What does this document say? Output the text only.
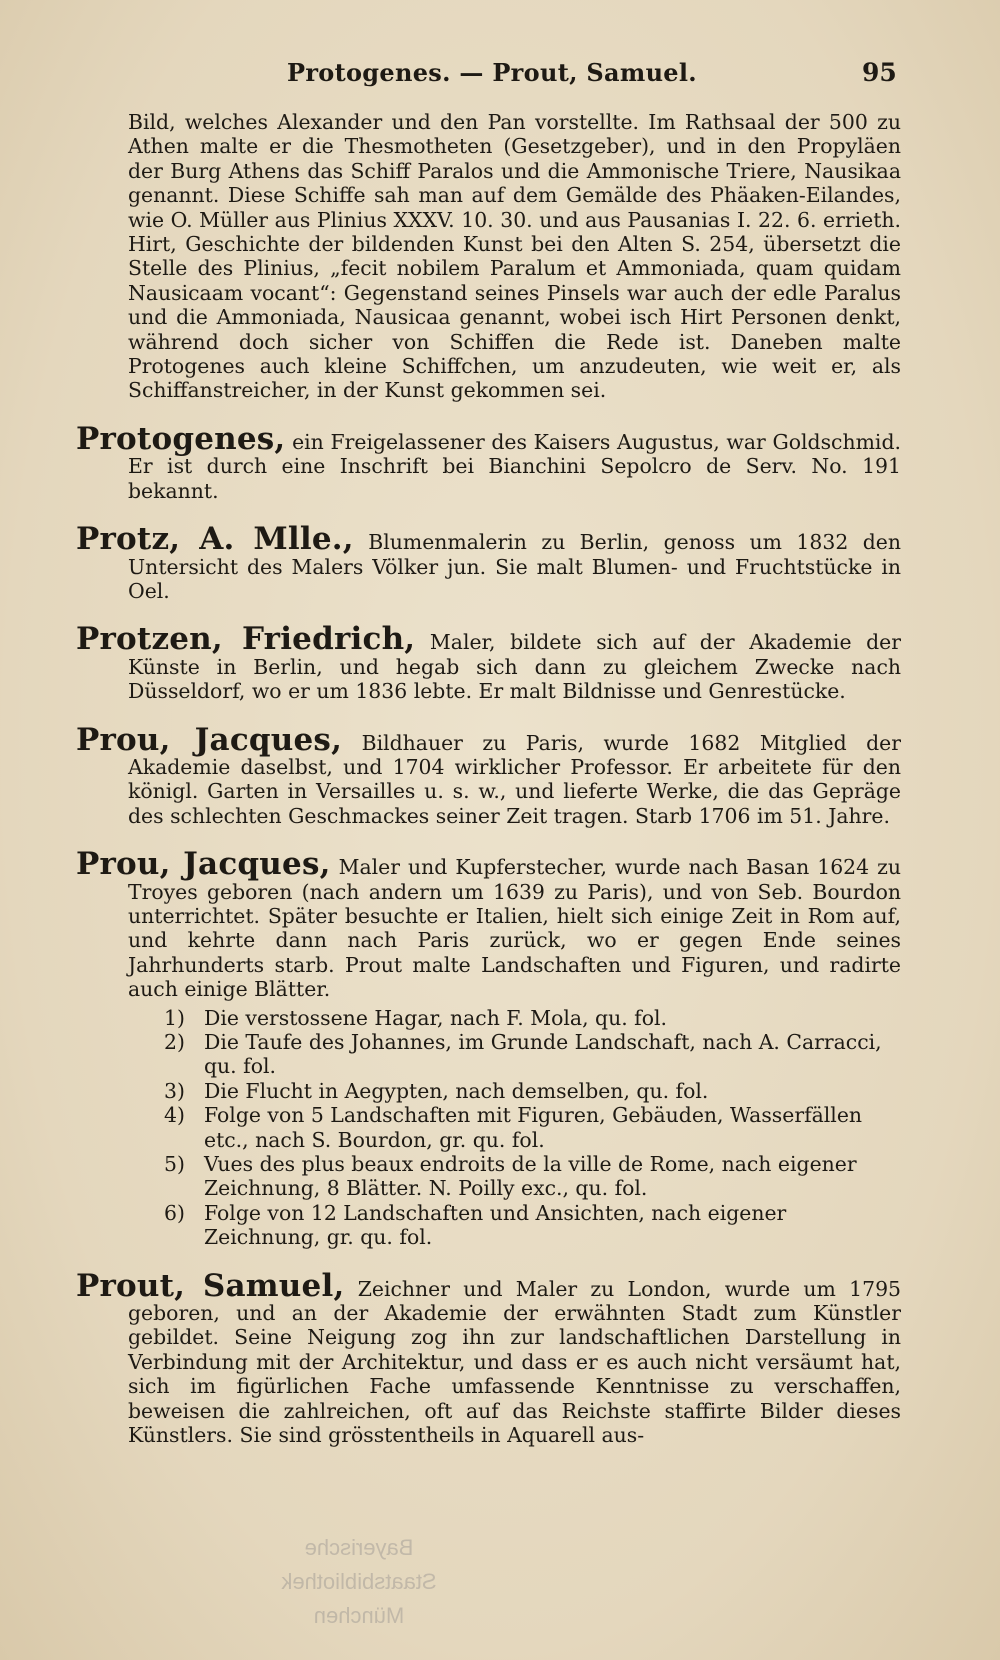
Protogenes. — Prout, Samuel.	95
Bild, welches Alexander und den Pan vorstellte. Im Rathsaal der 500 zu Athen malte er die Thesmotheten (Gesetzgeber), und in den Propyläen der Burg Athens das Schiff Paralos und die Ammonische Triere, Nausikaa genannt. Diese Schiffe sah man auf dem Gemälde des Phäaken-Eilandes, wie O. Müller aus Plinius XXXV. 10. 30. und aus Pausanias I. 22. 6. errieth. Hirt, Geschichte der bildenden Kunst bei den Alten S. 254, übersetzt die Stelle des Plinius, „fecit nobilem Paralum et Ammoniada, quam quidam Nausicaam vocant“: Gegenstand seines Pinsels war auch der edle Paralus und die Ammoniada, Nausicaa genannt, wobei isch Hirt Personen denkt, während doch sicher von Schiffen die Rede ist. Daneben malte Protogenes auch kleine Schiffchen, um anzudeuten, wie weit er, als Schiffanstreicher, in der Kunst gekommen sei.
Protogenes, ein Freigelassener des Kaisers Augustus, war Goldschmid. Er ist durch eine Inschrift bei Bianchini Sepolcro de Serv. No. 191 bekannt.
Protz, A. Mlle., Blumenmalerin zu Berlin, genoss um 1832 den Untersicht des Malers Völker jun. Sie malt Blumen- und Fruchtstücke in Oel.
Protzen, Friedrich, Maler, bildete sich auf der Akademie der Künste in Berlin, und hegab sich dann zu gleichem Zwecke nach Düsseldorf, wo er um 1836 lebte. Er malt Bildnisse und Genrestücke.
Prou, Jacques, Bildhauer zu Paris, wurde 1682 Mitglied der Akademie daselbst, und 1704 wirklicher Professor. Er arbeitete für den königl. Garten in Versailles u. s. w., und lieferte Werke, die das Gepräge des schlechten Geschmackes seiner Zeit tragen. Starb 1706 im 51. Jahre.
Prou, Jacques, Maler und Kupferstecher, wurde nach Basan 1624 zu Troyes geboren (nach andern um 1639 zu Paris), und von Seb. Bourdon unterrichtet. Später besuchte er Italien, hielt sich einige Zeit in Rom auf, und kehrte dann nach Paris zurück, wo er gegen Ende seines Jahrhunderts starb. Prout malte Landschaften und Figuren, und radirte auch einige Blätter.
1) Die verstossene Hagar, nach F. Mola, qu. fol.
2) Die Taufe des Johannes, im Grunde Landschaft, nach A. Carracci, qu. fol.
3) Die Flucht in Aegypten, nach demselben, qu. fol.
4) Folge von 5 Landschaften mit Figuren, Gebäuden, Wasserfällen etc., nach S. Bourdon, gr. qu. fol.
5) Vues des plus beaux endroits de la ville de Rome, nach eigener Zeichnung, 8 Blätter. N. Poilly exc., qu. fol.
6) Folge von 12 Landschaften und Ansichten, nach eigener Zeichnung, gr. qu. fol.
Prout, Samuel, Zeichner und Maler zu London, wurde um 1795 geboren, und an der Akademie der erwähnten Stadt zum Künstler gebildet. Seine Neigung zog ihn zur landschaftlichen Darstellung in Verbindung mit der Architektur, und dass er es auch nicht versäumt hat, sich im figürlichen Fache umfassende Kenntnisse zu verschaffen, beweisen die zahlreichen, oft auf das Reichste staffirte Bilder dieses Künstlers. Sie sind grösstentheils in Aquarell aus-
Bayerische
Staatsbibliothek
München
